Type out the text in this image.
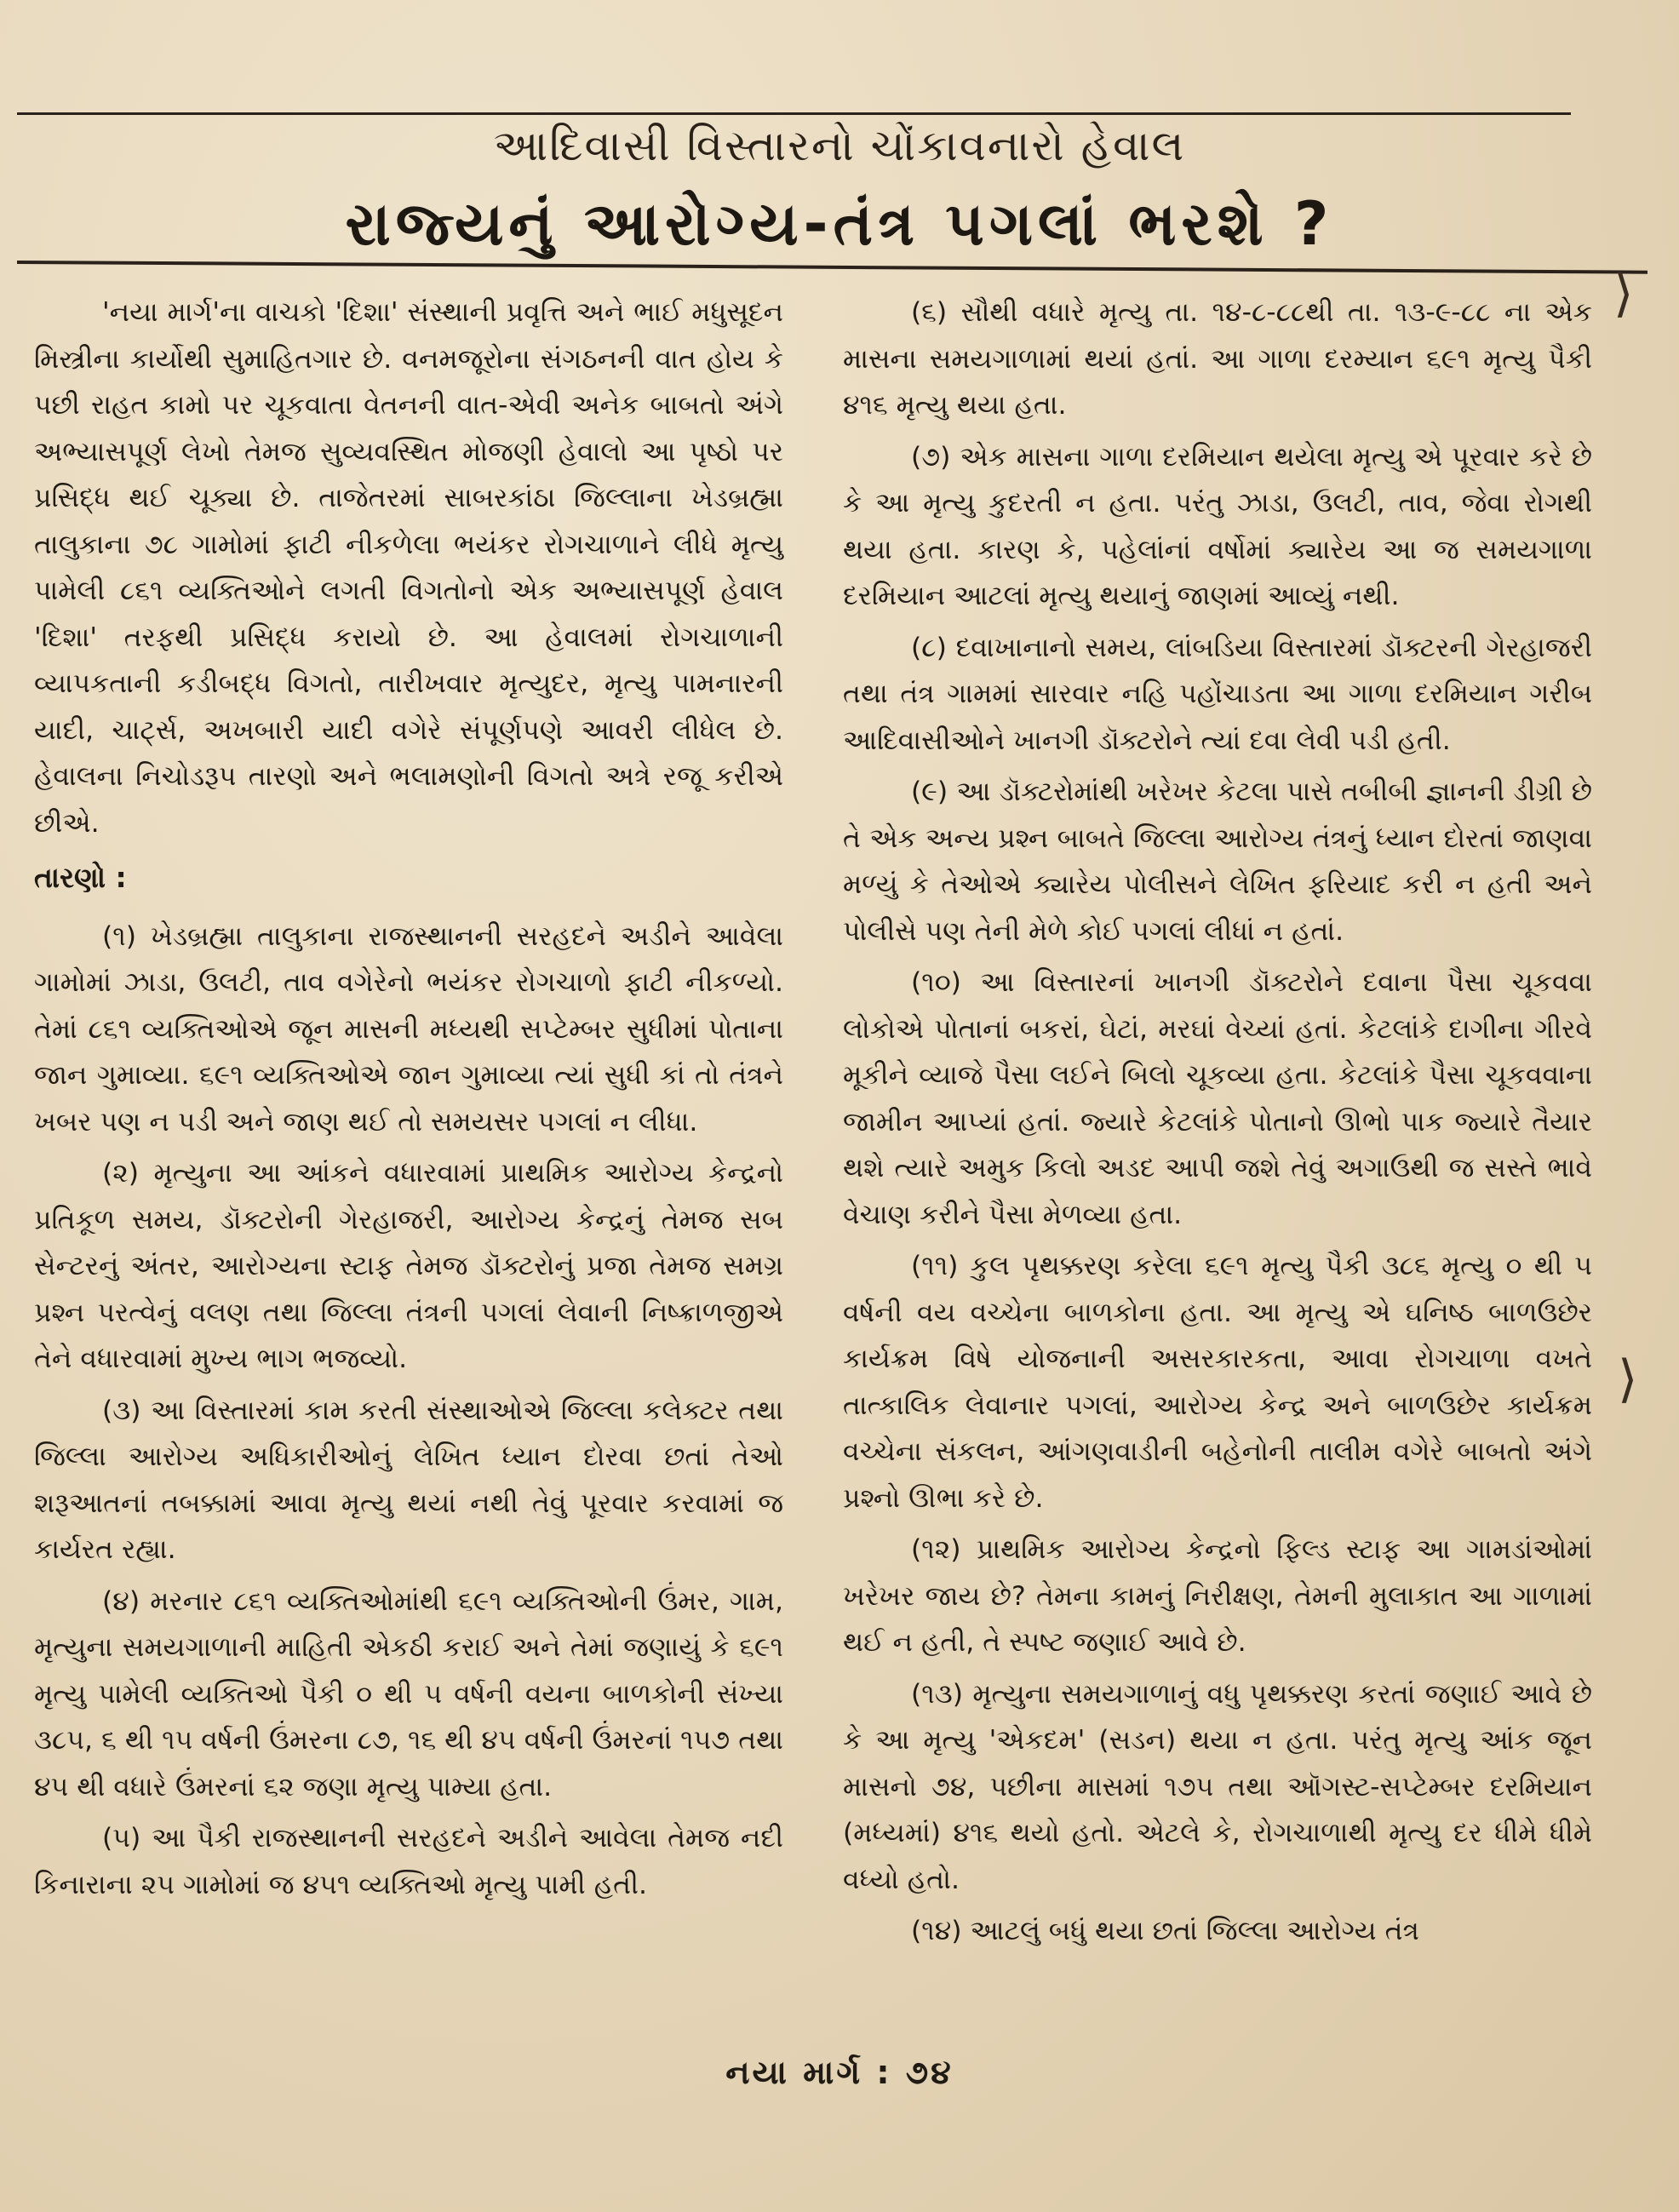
આદિવાસી વિસ્તારનો ચોંકાવનારો હેવાલ
રાજ્યનું આરોગ્ય-તંત્ર પગલાં ભરશે ?

'નયા માર્ગ'ના વાચકો 'દિશા' સંસ્થાની પ્રવૃત્તિ અને ભાઈ મધુસૂદન મિસ્ત્રીના કાર્યોથી સુમાહિતગાર છે. વનમજૂરોના સંગઠનની વાત હોય કે પછી રાહત કામો પર ચૂકવાતા વેતનની વાત-એવી અનેક બાબતો અંગે અભ્યાસપૂર્ણ લેખો તેમજ સુવ્યવસ્થિત મોજણી હેવાલો આ પૃષ્ઠો પર પ્રસિદ્ધ થઈ ચૂક્યા છે. તાજેતરમાં સાબરકાંઠા જિલ્લાના ખેડબ્રહ્મા તાલુકાના ૭૮ ગામોમાં ફાટી નીકળેલા ભયંકર રોગચાળાને લીધે મૃત્યુ પામેલી ૮૬૧ વ્યક્તિઓને લગતી વિગતોનો એક અભ્યાસપૂર્ણ હેવાલ 'દિશા' તરફથી પ્રસિદ્ધ કરાયો છે. આ હેવાલમાં રોગચાળાની વ્યાપકતાની કડીબદ્ધ વિગતો, તારીખવાર મૃત્યુદર, મૃત્યુ પામનારની યાદી, ચાર્ટ્સ, અખબારી યાદી વગેરે સંપૂર્ણપણે આવરી લીધેલ છે. હેવાલના નિચોડરૂપ તારણો અને ભલામણોની વિગતો અત્રે રજૂ કરીએ છીએ.

તારણો :

(૧) ખેડબ્રહ્મા તાલુકાના રાજસ્થાનની સરહદને અડીને આવેલા ગામોમાં ઝાડા, ઉલટી, તાવ વગેરેનો ભયંકર રોગચાળો ફાટી નીકળ્યો. તેમાં ૮૬૧ વ્યક્તિઓએ જૂન માસની મધ્યથી સપ્ટેમ્બર સુધીમાં પોતાના જાન ગુમાવ્યા. ૬૯૧ વ્યક્તિઓએ જાન ગુમાવ્યા ત્યાં સુધી કાં તો તંત્રને ખબર પણ ન પડી અને જાણ થઈ તો સમયસર પગલાં ન લીધા.

(૨) મૃત્યુના આ આંકને વધારવામાં પ્રાથમિક આરોગ્ય કેન્દ્રનો પ્રતિકૂળ સમય, ડૉક્ટરોની ગેરહાજરી, આરોગ્ય કેન્દ્રનું તેમજ સબ સેન્ટરનું અંતર, આરોગ્યના સ્ટાફ તેમજ ડૉક્ટરોનું પ્રજા તેમજ સમગ્ર પ્રશ્ન પરત્વેનું વલણ તથા જિલ્લા તંત્રની પગલાં લેવાની નિષ્ક્રાળજીએ તેને વધારવામાં મુખ્ય ભાગ ભજવ્યો.

(૩) આ વિસ્તારમાં કામ કરતી સંસ્થાઓએ જિલ્લા કલેક્ટર તથા જિલ્લા આરોગ્ય અધિકારીઓનું લેખિત ધ્યાન દોરવા છતાં તેઓ શરૂઆતનાં તબક્કામાં આવા મૃત્યુ થયાં નથી તેવું પૂરવાર કરવામાં જ કાર્યરત રહ્યા.

(૪) મરનાર ૮૬૧ વ્યક્તિઓમાંથી ૬૯૧ વ્યક્તિઓની ઉંમર, ગામ, મૃત્યુના સમયગાળાની માહિતી એકઠી કરાઈ અને તેમાં જણાયું કે ૬૯૧ મૃત્યુ પામેલી વ્યક્તિઓ પૈકી ૦ થી ૫ વર્ષની વયના બાળકોની સંખ્યા ૩૮૫, ૬ થી ૧૫ વર્ષની ઉંમરના ૮૭, ૧૬ થી ૪૫ વર્ષની ઉંમરનાં ૧૫૭ તથા ૪૫ થી વધારે ઉંમરનાં ૬૨ જણા મૃત્યુ પામ્યા હતા.

(૫) આ પૈકી રાજસ્થાનની સરહદને અડીને આવેલા તેમજ નદી કિનારાના ૨૫ ગામોમાં જ ૪૫૧ વ્યક્તિઓ મૃત્યુ પામી હતી.

(૬) સૌથી વધારે મૃત્યુ તા. ૧૪-૮-૮૮થી તા. ૧૩-૯-૮૮ ના એક માસના સમયગાળામાં થયાં હતાં. આ ગાળા દરમ્યાન ૬૯૧ મૃત્યુ પૈકી ૪૧૬ મૃત્યુ થયા હતા.

(૭) એક માસના ગાળા દરમિયાન થયેલા મૃત્યુ એ પૂરવાર કરે છે કે આ મૃત્યુ કુદરતી ન હતા. પરંતુ ઝાડા, ઉલટી, તાવ, જેવા રોગથી થયા હતા. કારણ કે, પહેલાંનાં વર્ષોમાં ક્યારેય આ જ સમયગાળા દરમિયાન આટલાં મૃત્યુ થયાનું જાણમાં આવ્યું નથી.

(૮) દવાખાનાનો સમય, લાંબડિયા વિસ્તારમાં ડૉક્ટરની ગેરહાજરી તથા તંત્ર ગામમાં સારવાર નહિ પહોંચાડતા આ ગાળા દરમિયાન ગરીબ આદિવાસીઓને ખાનગી ડૉક્ટરોને ત્યાં દવા લેવી પડી હતી.

(૯) આ ડૉક્ટરોમાંથી ખરેખર કેટલા પાસે તબીબી જ્ઞાનની ડીગ્રી છે તે એક અન્ય પ્રશ્ન બાબતે જિલ્લા આરોગ્ય તંત્રનું ધ્યાન દોરતાં જાણવા મળ્યું કે તેઓએ ક્યારેય પોલીસને લેખિત ફરિયાદ કરી ન હતી અને પોલીસે પણ તેની મેળે કોઈ પગલાં લીધાં ન હતાં.

(૧૦) આ વિસ્તારનાં ખાનગી ડૉક્ટરોને દવાના પૈસા ચૂકવવા લોકોએ પોતાનાં બકરાં, ઘેટાં, મરઘાં વેચ્યાં હતાં. કેટલાંકે દાગીના ગીરવે મૂકીને વ્યાજે પૈસા લઈને બિલો ચૂકવ્યા હતા. કેટલાંકે પૈસા ચૂકવવાના જામીન આપ્યાં હતાં. જ્યારે કેટલાંકે પોતાનો ઊભો પાક જ્યારે તૈયાર થશે ત્યારે અમુક કિલો અડદ આપી જશે તેવું અગાઉથી જ સસ્તે ભાવે વેચાણ કરીને પૈસા મેળવ્યા હતા.

(૧૧) કુલ પૃથક્કરણ કરેલા ૬૯૧ મૃત્યુ પૈકી ૩૮૬ મૃત્યુ ૦ થી ૫ વર્ષની વય વચ્ચેના બાળકોના હતા. આ મૃત્યુ એ ઘનિષ્ઠ બાળઉછેર કાર્યક્રમ વિષે યોજનાની અસરકારકતા, આવા રોગચાળા વખતે તાત્કાલિક લેવાનાર પગલાં, આરોગ્ય કેન્દ્ર અને બાળઉછેર કાર્યક્રમ વચ્ચેના સંકલન, આંગણવાડીની બહેનોની તાલીમ વગેરે બાબતો અંગે પ્રશ્નો ઊભા કરે છે.

(૧૨) પ્રાથમિક આરોગ્ય કેન્દ્રનો ફિલ્ડ સ્ટાફ આ ગામડાંઓમાં ખરેખર જાય છે? તેમના કામનું નિરીક્ષણ, તેમની મુલાકાત આ ગાળામાં થઈ ન હતી, તે સ્પષ્ટ જણાઈ આવે છે.

(૧૩) મૃત્યુના સમયગાળાનું વધુ પૃથક્કરણ કરતાં જણાઈ આવે છે કે આ મૃત્યુ 'એકદમ' (સડન) થયા ન હતા. પરંતુ મૃત્યુ આંક જૂન માસનો ૭૪, પછીના માસમાં ૧૭૫ તથા ઑગસ્ટ-સપ્ટેમ્બર દરમિયાન (મધ્યમાં) ૪૧૬ થયો હતો. એટલે કે, રોગચાળાથી મૃત્યુ દર ધીમે ધીમે વધ્યો હતો.

(૧૪) આટલું બધું થયા છતાં જિલ્લા આરોગ્ય તંત્ર

નયા માર્ગ : ૭૪
⟩
⟩
